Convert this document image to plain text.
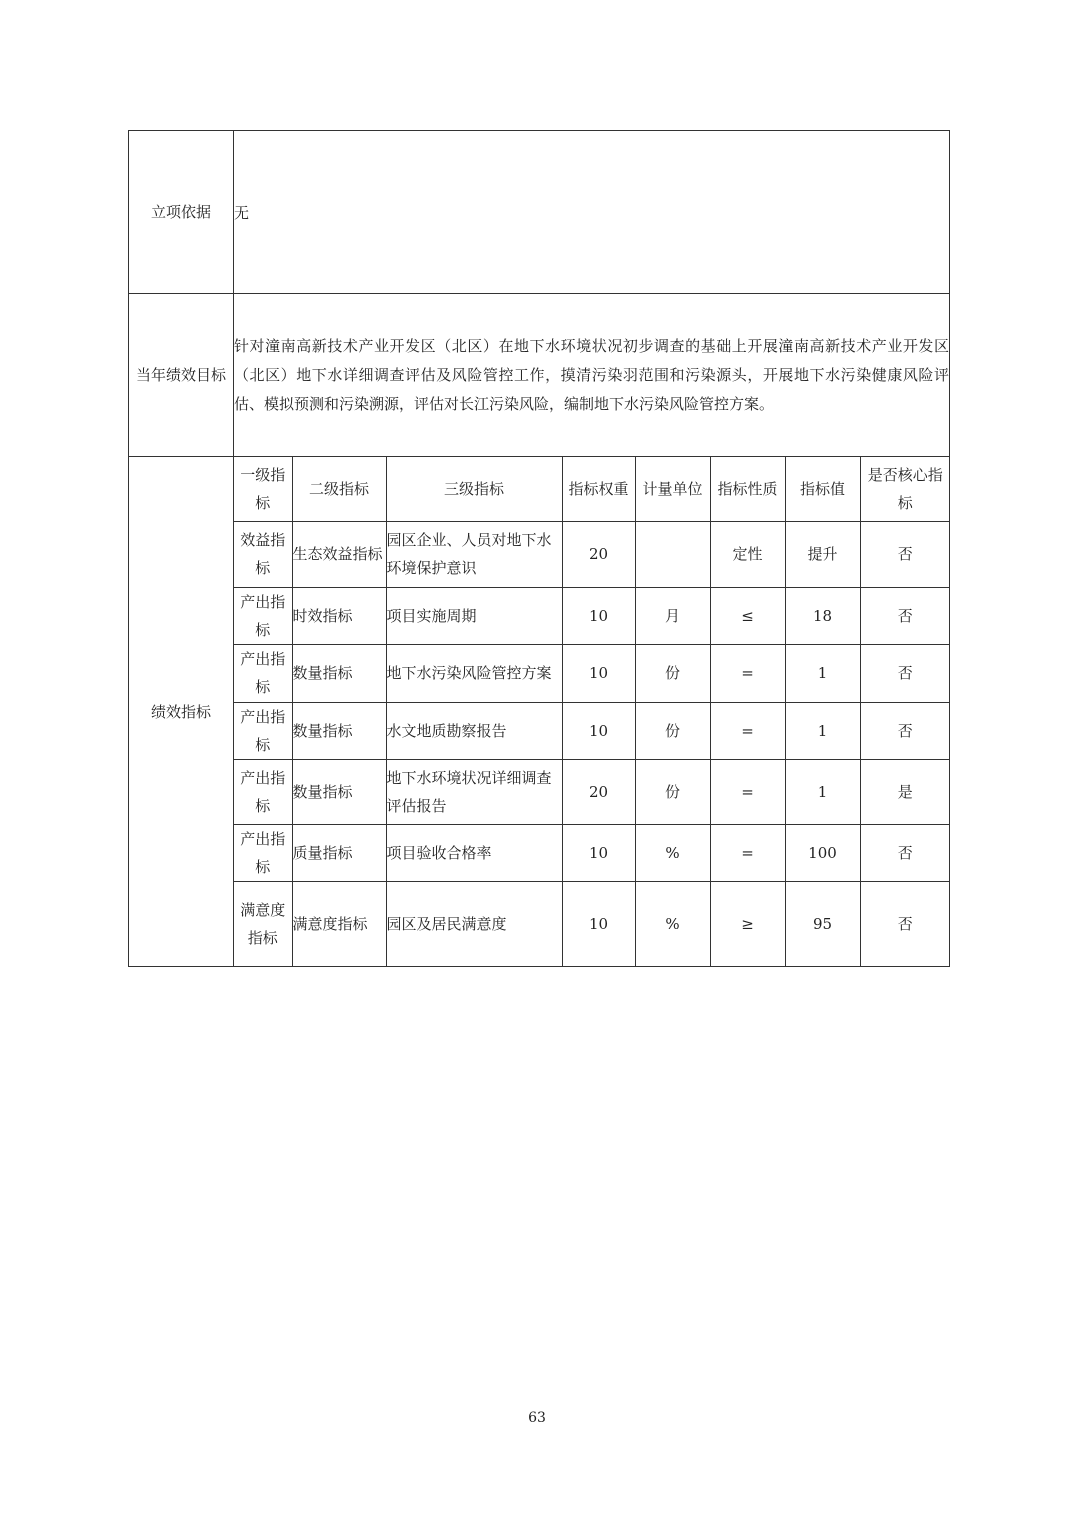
立项依据	无
当年绩效目标	针对潼南高新技术产业开发区（北区）在地下水环境状况初步调查的基础上开展潼南高新技术产业开发区（北区）地下水详细调查评估及风险管控工作，摸清污染羽范围和污染源头，开展地下水污染健康风险评估、模拟预测和污染溯源，评估对长江污染风险，编制地下水污染风险管控方案。
绩效指标	
一级指标	二级指标	三级指标	指标权重	计量单位	指标性质	指标值	是否核心指标
效益指标	生态效益指标	园区企业、人员对地下水环境保护意识	20		定性	提升	否
产出指标	时效指标	项目实施周期	10	月	≤	18	否
产出指标	数量指标	地下水污染风险管控方案	10	份	=	1	否
产出指标	数量指标	水文地质勘察报告	10	份	=	1	否
产出指标	数量指标	地下水环境状况详细调查评估报告	20	份	=	1	是
产出指标	质量指标	项目验收合格率	10	%	=	100	否
满意度指标	满意度指标	园区及居民满意度	10	%	≥	95	否
63
